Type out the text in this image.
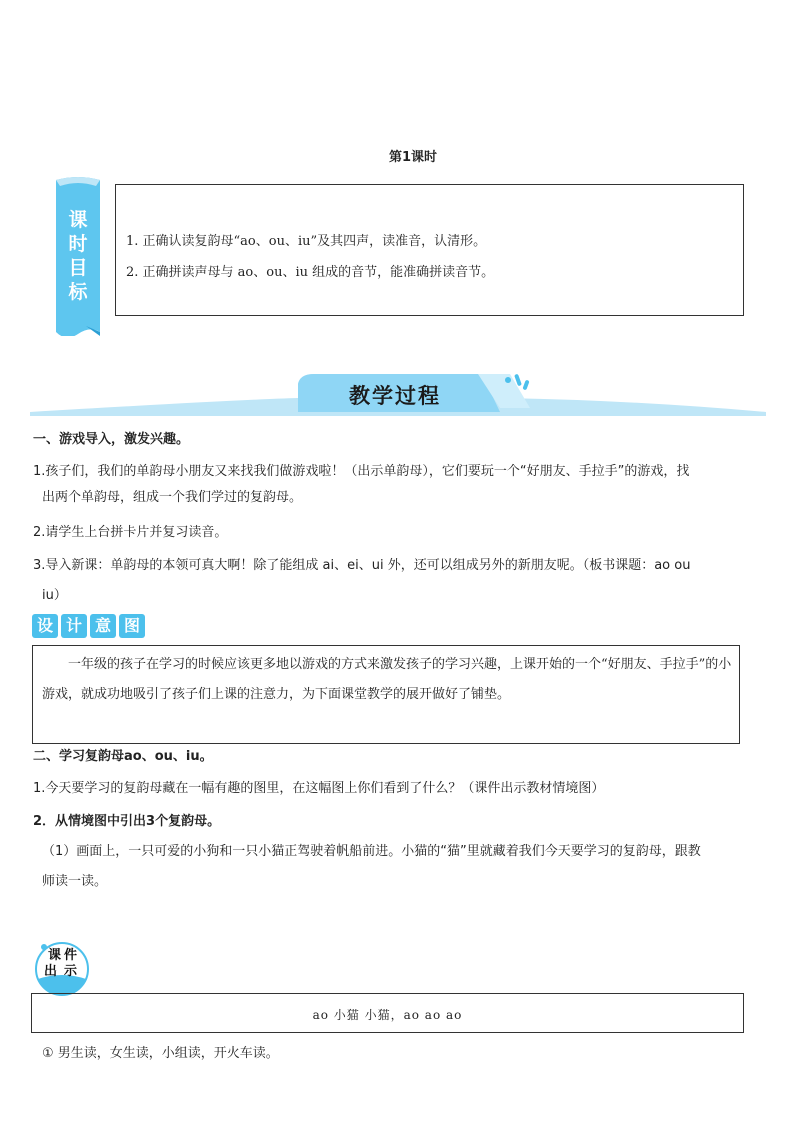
第1课时
课
时
目
标
1. 正确认读复韵母“ao、ou、iu”及其四声，读准音，认清形。
2. 正确拼读声母与 ao、ou、iu 组成的音节，能准确拼读音节。
教学过程
一、游戏导入，激发兴趣。
1.孩子们，我们的单韵母小朋友又来找我们做游戏啦！（出示单韵母），它们要玩一个“好朋友、手拉手”的游戏，找
出两个单韵母，组成一个我们学过的复韵母。
2.请学生上台拼卡片并复习读音。
3.导入新课：单韵母的本领可真大啊！除了能组成 ai、ei、ui 外，还可以组成另外的新朋友呢。（板书课题：ao ou
iu）
设 计 意 图
一年级的孩子在学习的时候应该更多地以游戏的方式来激发孩子的学习兴趣，上课开始的一个“好朋友、手拉手”的小游戏，就成功地吸引了孩子们上课的注意力，为下面课堂教学的展开做好了铺垫。
二、学习复韵母ao、ou、iu。
1.今天要学习的复韵母藏在一幅有趣的图里，在这幅图上你们看到了什么？（课件出示教材情境图）
2．从情境图中引出3个复韵母。
（1）画面上，一只可爱的小狗和一只小猫正驾驶着帆船前进。小猫的“猫”里就藏着我们今天要学习的复韵母，跟教
师读一读。
课 件
出 示
ao 小猫 小猫，ao ao ao
① 男生读，女生读，小组读，开火车读。
